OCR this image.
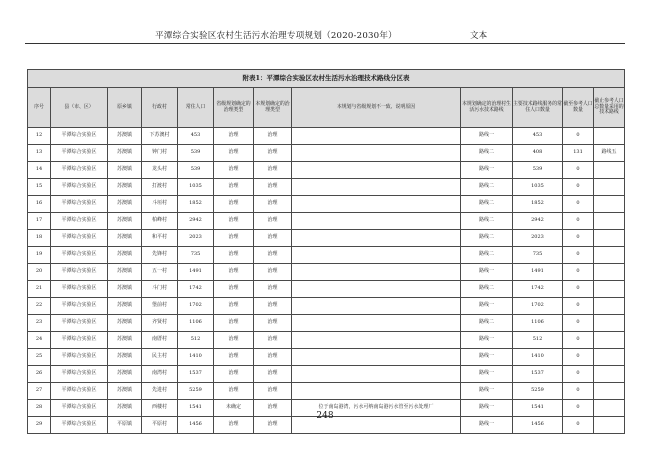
平潭综合实验区农村生活污水治理专项规划（2020-2030年）	文本
附表1：平潭综合实验区农村生活污水治理技术路线分区表											
序号	县（市、区）	原乡镇	行政村	常住人口	省级规划确定的治理类型	本规划确定的治理类型	本规划与省级规划不一致、说明原因	本规划确定的治理村生活污水技术路线	主要技术路线服务的常住人口数量	截至参考人口数量	截止参考人口总数量采用的技术路线
12	平潭综合实验区	苏澳镇	下苏澳村	453	治理	治理		路线一	453	0	
13	平潭综合实验区	苏澳镇	钟门村	539	治理	治理		路线二	408	131	路线五
14	平潭综合实验区	苏澳镇	龙头村	539	治理	治理		路线一	539	0	
15	平潭综合实验区	苏澳镇	打渡村	1035	治理	治理		路线二	1035	0	
16	平潭综合实验区	苏澳镇	斗垣村	1852	治理	治理		路线二	1852	0	
17	平潭综合实验区	苏澳镇	柏峰村	2942	治理	治理		路线二	2942	0	
18	平潭综合实验区	苏澳镇	和平村	2023	治理	治理		路线二	2023	0	
19	平潭综合实验区	苏澳镇	先锋村	735	治理	治理		路线二	735	0	
20	平潭综合实验区	苏澳镇	五一村	1491	治理	治理		路线一	1491	0	
21	平潭综合实验区	苏澳镇	斗门村	1742	治理	治理		路线二	1742	0	
22	平潭综合实验区	苏澳镇	堡前村	1702	治理	治理		路线一	1702	0	
23	平潭综合实验区	苏澳镇	齐贤村	1106	治理	治理		路线二	1106	0	
24	平潭综合实验区	苏澳镇	南厝村	512	治理	治理		路线一	512	0	
25	平潭综合实验区	苏澳镇	民主村	1410	治理	治理		路线一	1410	0	
26	平潭综合实验区	苏澳镇	南湾村	1537	治理	治理		路线一	1537	0	
27	平潭综合实验区	苏澳镇	先进村	5259	治理	治理		路线一	5259	0	
28	平潭综合实验区	苏澳镇	西楼村	1541	未确定	治理	位于南岛港湾，污水可纳南岛港污水管至污水处理厂	路线一	1541	0	
29	平潭综合实验区	平原镇	平原村	1456	治理	治理		路线一	1456	0	
248
